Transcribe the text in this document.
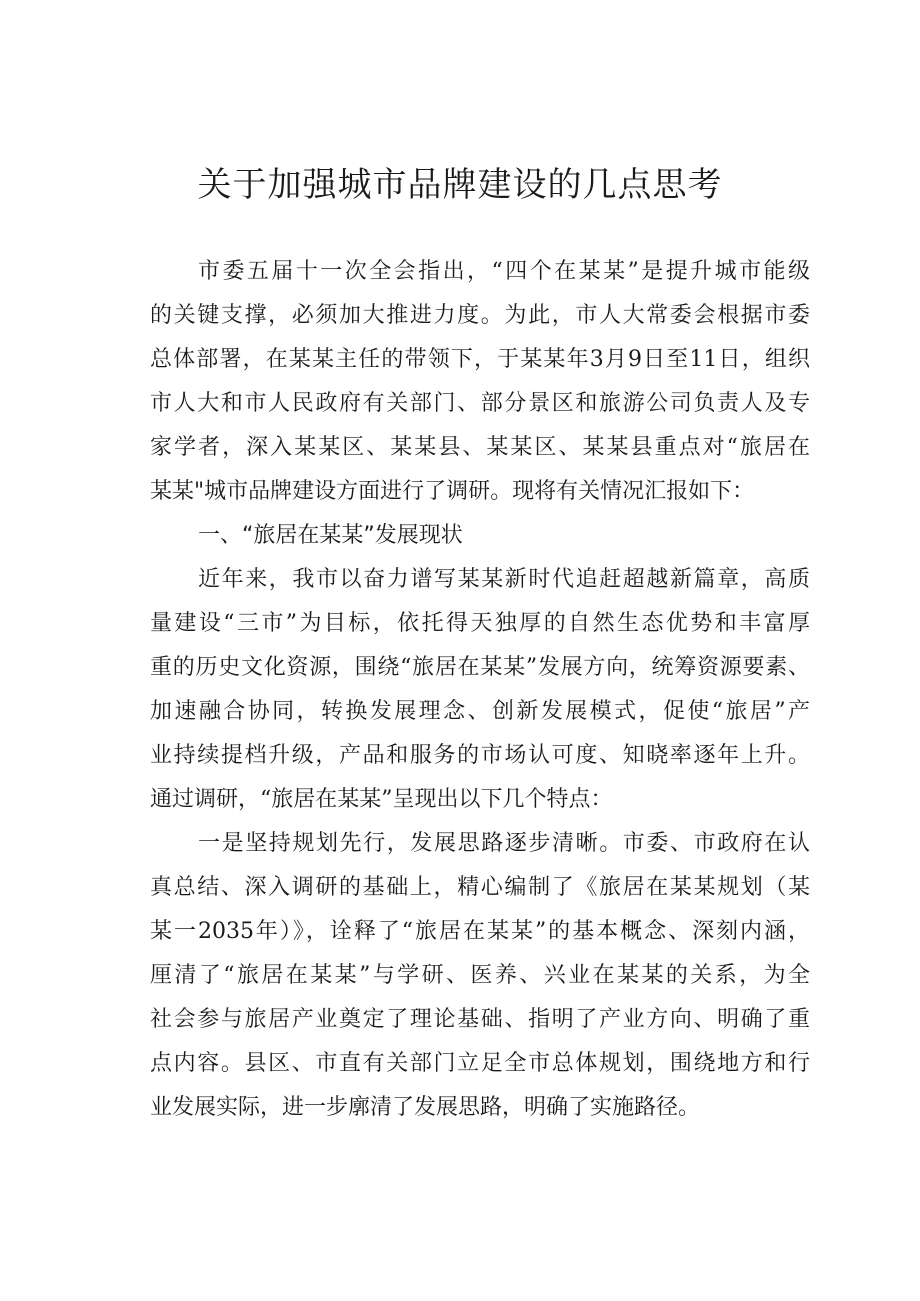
关于加强城市品牌建设的几点思考
市委五届十一次全会指出，“四个在某某”是提升城市能级
的关键支撑，必须加大推进力度。为此，市人大常委会根据市委
总体部署，在某某主任的带领下，于某某年3月9日至11日，组织
市人大和市人民政府有关部门、部分景区和旅游公司负责人及专
家学者，深入某某区、某某县、某某区、某某县重点对“旅居在
某某"城市品牌建设方面进行了调研。现将有关情况汇报如下：
一、“旅居在某某”发展现状
近年来，我市以奋力谱写某某新时代追赶超越新篇章，高质
量建设“三市”为目标，依托得天独厚的自然生态优势和丰富厚
重的历史文化资源，围绕“旅居在某某”发展方向，统筹资源要素、
加速融合协同，转换发展理念、创新发展模式，促使“旅居”产
业持续提档升级，产品和服务的市场认可度、知晓率逐年上升。
通过调研，“旅居在某某”呈现出以下几个特点：
一是坚持规划先行，发展思路逐步清晰。市委、市政府在认
真总结、深入调研的基础上，精心编制了《旅居在某某规划（某
某一2035年）》，诠释了“旅居在某某”的基本概念、深刻内涵，
厘清了“旅居在某某”与学研、医养、兴业在某某的关系，为全
社会参与旅居产业奠定了理论基础、指明了产业方向、明确了重
点内容。县区、市直有关部门立足全市总体规划，围绕地方和行
业发展实际，进一步廓清了发展思路，明确了实施路径。
